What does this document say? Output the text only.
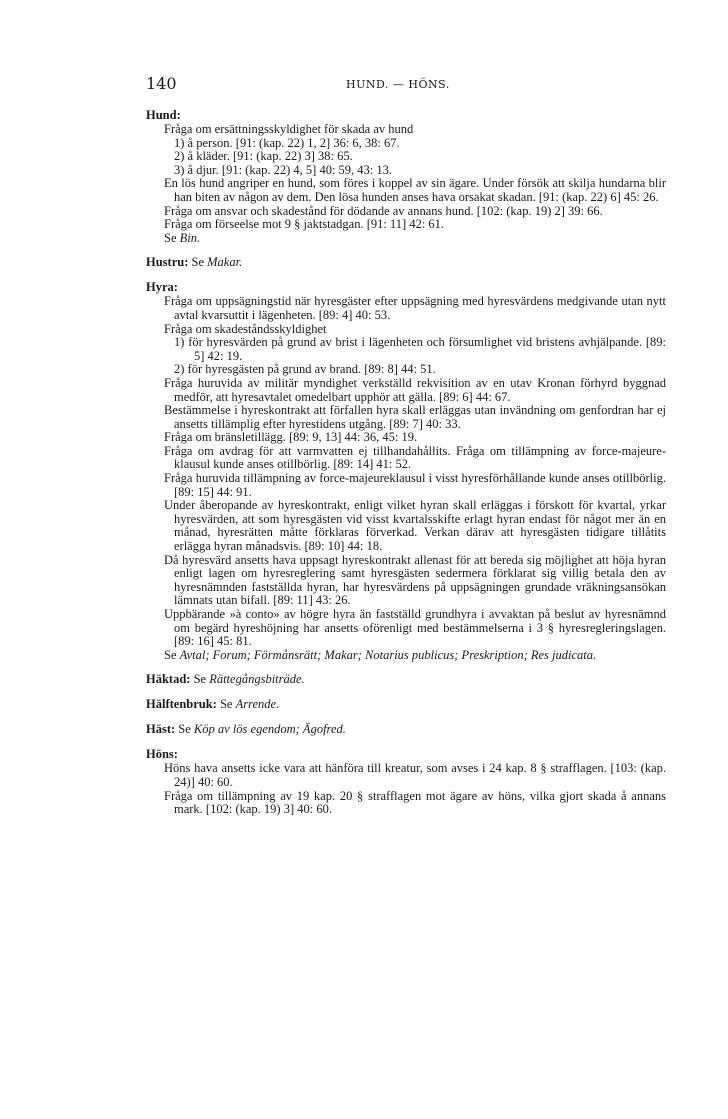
140	HUND. — HÖNS.
Hund:

Fråga om ersättningsskyldighet för skada av hund

1) å person. [91: (kap. 22) 1, 2] 36: 6, 38: 67.

2) å kläder. [91: (kap. 22) 3] 38: 65.

3) å djur. [91: (kap. 22) 4, 5] 40: 59, 43: 13.

En lös hund angriper en hund, som föres i koppel av sin ägare. Under försök att skilja hundarna blir han biten av någon av dem. Den lösa hunden anses hava orsakat skadan. [91: (kap. 22) 6] 45: 26.

Fråga om ansvar och skadestånd för dödande av annans hund. [102: (kap. 19) 2] 39: 66.

Fråga om förseelse mot 9 § jaktstadgan. [91: 11] 42: 61.

Se Bin.

Hustru: Se Makar.
Hyra:

Fråga om uppsägningstid när hyresgäster efter uppsägning med hyresvärdens medgivande utan nytt avtal kvarsuttit i lägenheten. [89: 4] 40: 53.

Fråga om skadeståndsskyldighet

1) för hyresvärden på grund av brist i lägenheten och försumlighet vid bristens avhjälpande. [89: 5] 42: 19.

2) för hyresgästen på grund av brand. [89: 8] 44: 51.

Fråga huruvida av militär myndighet verkställd rekvisition av en utav Kronan förhyrd byggnad medför, att hyresavtalet omedelbart upphör att gälla. [89: 6] 44: 67.

Bestämmelse i hyreskontrakt att förfallen hyra skall erläggas utan invändning om genfordran har ej ansetts tillämplig efter hyrestidens utgång. [89: 7] 40: 33.

Fråga om bränsletillägg. [89: 9, 13] 44: 36, 45: 19.

Fråga om avdrag för att varmvatten ej tillhandahållits. Fråga om tillämpning av force-majeure-klausul kunde anses otillbörlig. [89: 14] 41: 52.

Fråga huruvida tillämpning av force-majeureklausul i visst hyresförhållande kunde anses otillbörlig. [89: 15] 44: 91.

Under åberopande av hyreskontrakt, enligt vilket hyran skall erläggas i förskott för kvartal, yrkar hyresvärden, att som hyresgästen vid visst kvartalsskifte erlagt hyran endast för något mer än en månad, hyresrätten måtte förklaras förverkad. Verkan därav att hyresgästen tidigare tillåtits erlägga hyran månadsvis. [89: 10] 44: 18.

Då hyresvärd ansetts hava uppsagt hyreskontrakt allenast för att bereda sig möjlighet att höja hyran enligt lagen om hyresreglering samt hyresgästen sedermera förklarat sig villig betala den av hyresnämnden fastställda hyran, har hyresvärdens på uppsägningen grundade vräkningsansökan lämnats utan bifall. [89: 11] 43: 26.

Uppbärande »à conto» av högre hyra än fastställd grundhyra i avvaktan på beslut av hyresnämnd om begärd hyreshöjning har ansetts oförenligt med bestämmelserna i 3 § hyresregleringslagen. [89: 16] 45: 81.

Se Avtal; Forum; Förmånsrätt; Makar; Notarius publicus; Preskription; Res judicata.

Häktad: Se Rättegångsbiträde.
Hälftenbruk: Se Arrende.
Häst: Se Köp av lös egendom; Ägofred.
Höns:

Höns hava ansetts icke vara att hänföra till kreatur, som avses i 24 kap. 8 § strafflagen. [103: (kap. 24)] 40: 60.

Fråga om tillämpning av 19 kap. 20 § strafflagen mot ägare av höns, vilka gjort skada å annans mark. [102: (kap. 19) 3] 40: 60.
